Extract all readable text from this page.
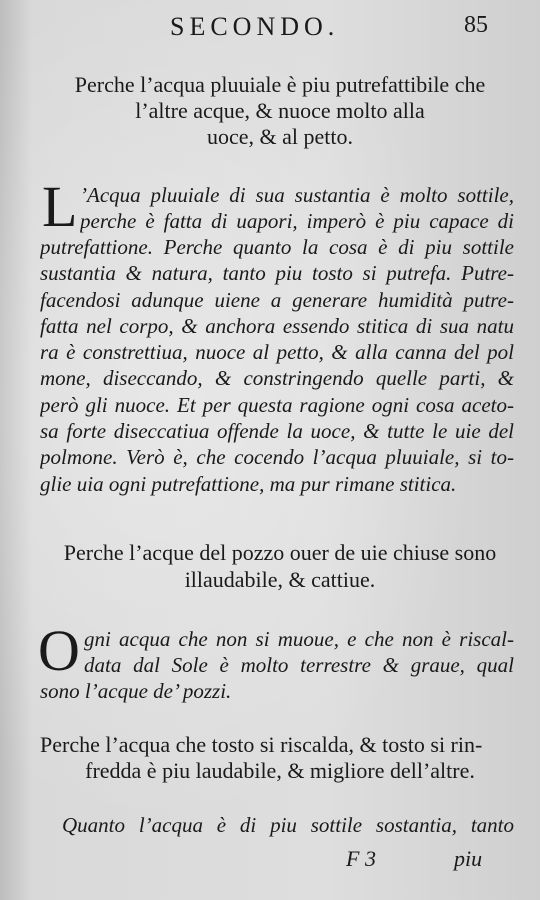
SECONDO.	85
Perche l’acqua pluuiale è piu putrefattibile che
l’altre acque, & nuoce molto alla
uoce, & al petto.
L ’Acqua pluuiale di sua sustantia è molto sottile,
perche è fatta di uapori, imperò è piu capace di
putrefattione. Perche quanto la cosa è di piu sottile
sustantia & natura, tanto piu tosto si putrefa. Putre-
facendosi adunque uiene a generare humidità putre-
fatta nel corpo, & anchora essendo stitica di sua natu
ra è constrettiua, nuoce al petto, & alla canna del pol
mone, diseccando, & constringendo quelle parti, &
però gli nuoce. Et per questa ragione ogni cosa aceto-
sa forte diseccatiua offende la uoce, & tutte le uie del
polmone. Verò è, che cocendo l’acqua pluuiale, si to-
glie uia ogni putrefattione, ma pur rimane stitica.
Perche l’acque del pozzo ouer de uie chiuse sono
illaudabile, & cattiue.
O gni acqua che non si muoue, e che non è riscal-
data dal Sole è molto terrestre & graue, qual
sono l’acque de’ pozzi.
Perche l’acqua che tosto si riscalda, & tosto si rin-
fredda è piu laudabile, & migliore dell’altre.
Quanto l’acqua è di piu sottile sostantia, tanto
F 3	piu
